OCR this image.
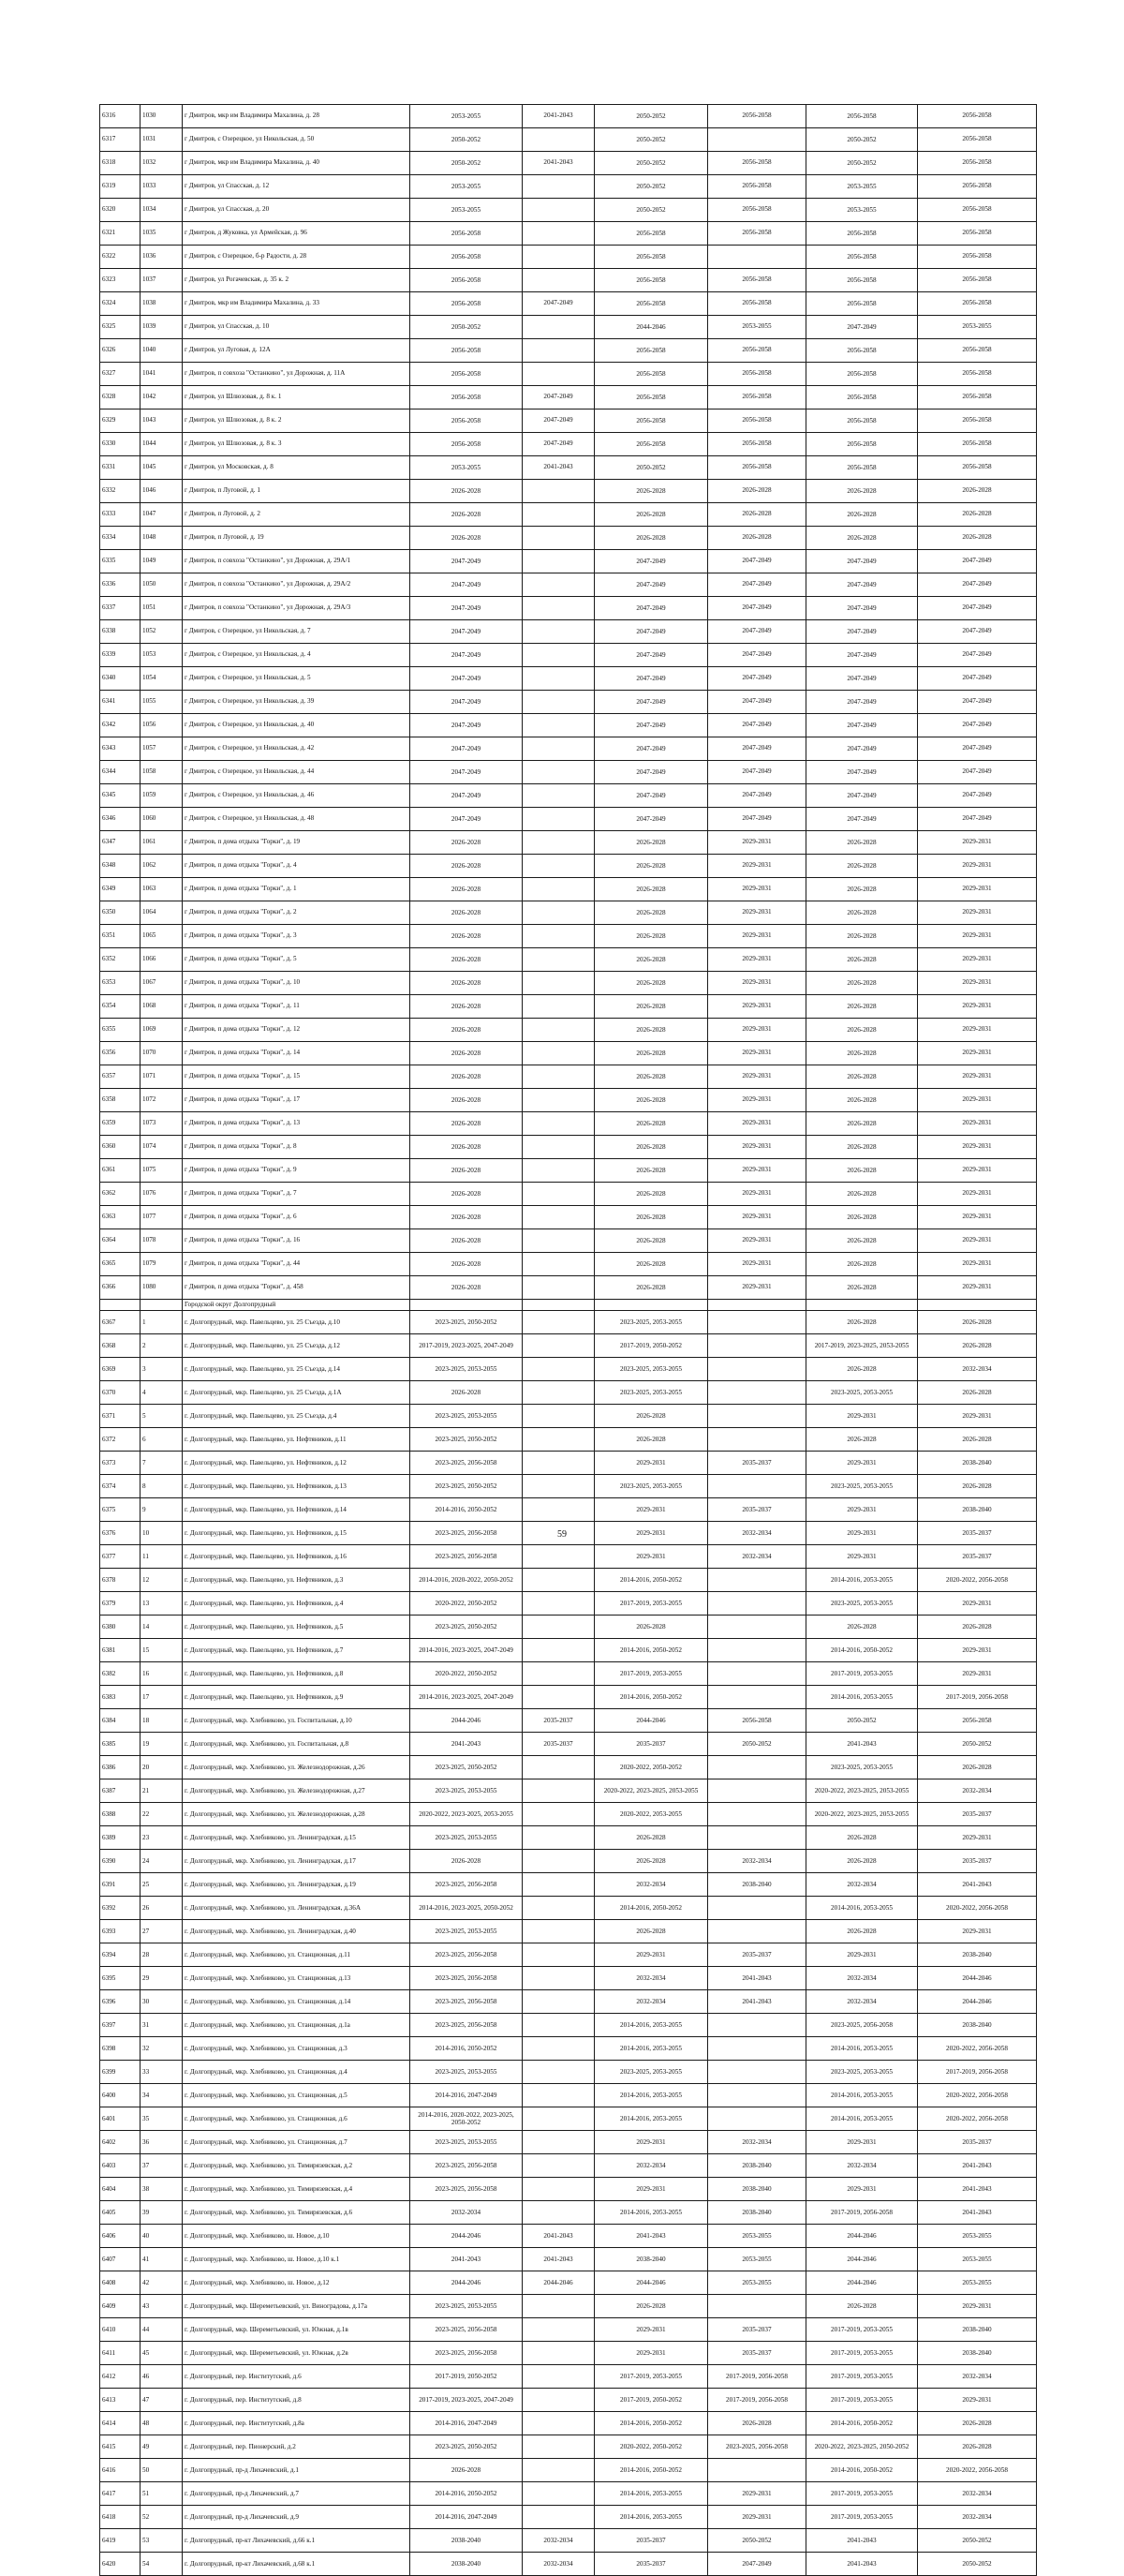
6316	1030	г Дмитров, мкр им Владимира Махалина, д. 28	2053-2055	2041-2043	2050-2052	2056-2058	2056-2058	2056-2058
6317	1031	г Дмитров, с Озерецкое, ул Никольская, д. 50	2050-2052		2050-2052		2050-2052	2056-2058
6318	1032	г Дмитров, мкр им Владимира Махалина, д. 40	2050-2052	2041-2043	2050-2052	2056-2058	2050-2052	2056-2058
6319	1033	г Дмитров, ул Спасская, д. 12	2053-2055		2050-2052	2056-2058	2053-2055	2056-2058
6320	1034	г Дмитров, ул Спасская, д. 20	2053-2055		2050-2052	2056-2058	2053-2055	2056-2058
6321	1035	г Дмитров, д Жуковка, ул Армейская, д. 96	2056-2058		2056-2058	2056-2058	2056-2058	2056-2058
6322	1036	г Дмитров, с Озерецкое, б-р Радости, д. 28	2056-2058		2056-2058		2056-2058	2056-2058
6323	1037	г Дмитров, ул Рогачевская, д. 35 к. 2	2056-2058		2056-2058	2056-2058	2056-2058	2056-2058
6324	1038	г Дмитров, мкр им Владимира Махалина, д. 33	2056-2058	2047-2049	2056-2058	2056-2058	2056-2058	2056-2058
6325	1039	г Дмитров, ул Спасская, д. 10	2050-2052		2044-2046	2053-2055	2047-2049	2053-2055
6326	1040	г Дмитров, ул Луговая, д. 12А	2056-2058		2056-2058	2056-2058	2056-2058	2056-2058
6327	1041	г Дмитров, п совхоза "Останкино", ул Дорожная, д. 11А	2056-2058		2056-2058	2056-2058	2056-2058	2056-2058
6328	1042	г Дмитров, ул Шлюзовая, д. 8 к. 1	2056-2058	2047-2049	2056-2058	2056-2058	2056-2058	2056-2058
6329	1043	г Дмитров, ул Шлюзовая, д. 8 к. 2	2056-2058	2047-2049	2056-2058	2056-2058	2056-2058	2056-2058
6330	1044	г Дмитров, ул Шлюзовая, д. 8 к. 3	2056-2058	2047-2049	2056-2058	2056-2058	2056-2058	2056-2058
6331	1045	г Дмитров, ул Московская, д. 8	2053-2055	2041-2043	2050-2052	2056-2058	2056-2058	2056-2058
6332	1046	г Дмитров, п Луговой, д. 1	2026-2028		2026-2028	2026-2028	2026-2028	2026-2028
6333	1047	г Дмитров, п Луговой, д. 2	2026-2028		2026-2028	2026-2028	2026-2028	2026-2028
6334	1048	г Дмитров, п Луговой, д. 19	2026-2028		2026-2028	2026-2028	2026-2028	2026-2028
6335	1049	г Дмитров, п совхоза "Останкино", ул Дорожная, д. 29А/1	2047-2049		2047-2049	2047-2049	2047-2049	2047-2049
6336	1050	г Дмитров, п совхоза "Останкино", ул Дорожная, д. 29А/2	2047-2049		2047-2049	2047-2049	2047-2049	2047-2049
6337	1051	г Дмитров, п совхоза "Останкино", ул Дорожная, д. 29А/3	2047-2049		2047-2049	2047-2049	2047-2049	2047-2049
6338	1052	г Дмитров, с Озерецкое, ул Никольская, д. 7	2047-2049		2047-2049	2047-2049	2047-2049	2047-2049
6339	1053	г Дмитров, с Озерецкое, ул Никольская, д. 4	2047-2049		2047-2049	2047-2049	2047-2049	2047-2049
6340	1054	г Дмитров, с Озерецкое, ул Никольская, д. 5	2047-2049		2047-2049	2047-2049	2047-2049	2047-2049
6341	1055	г Дмитров, с Озерецкое, ул Никольская, д. 39	2047-2049		2047-2049	2047-2049	2047-2049	2047-2049
6342	1056	г Дмитров, с Озерецкое, ул Никольская, д. 40	2047-2049		2047-2049	2047-2049	2047-2049	2047-2049
6343	1057	г Дмитров, с Озерецкое, ул Никольская, д. 42	2047-2049		2047-2049	2047-2049	2047-2049	2047-2049
6344	1058	г Дмитров, с Озерецкое, ул Никольская, д. 44	2047-2049		2047-2049	2047-2049	2047-2049	2047-2049
6345	1059	г Дмитров, с Озерецкое, ул Никольская, д. 46	2047-2049		2047-2049	2047-2049	2047-2049	2047-2049
6346	1060	г Дмитров, с Озерецкое, ул Никольская, д. 48	2047-2049		2047-2049	2047-2049	2047-2049	2047-2049
6347	1061	г Дмитров, п дома отдыха "Горки", д. 19	2026-2028		2026-2028	2029-2031	2026-2028	2029-2031
6348	1062	г Дмитров, п дома отдыха "Горки", д. 4	2026-2028		2026-2028	2029-2031	2026-2028	2029-2031
6349	1063	г Дмитров, п дома отдыха "Горки", д. 1	2026-2028		2026-2028	2029-2031	2026-2028	2029-2031
6350	1064	г Дмитров, п дома отдыха "Горки", д. 2	2026-2028		2026-2028	2029-2031	2026-2028	2029-2031
6351	1065	г Дмитров, п дома отдыха "Горки", д. 3	2026-2028		2026-2028	2029-2031	2026-2028	2029-2031
6352	1066	г Дмитров, п дома отдыха "Горки", д. 5	2026-2028		2026-2028	2029-2031	2026-2028	2029-2031
6353	1067	г Дмитров, п дома отдыха "Горки", д. 10	2026-2028		2026-2028	2029-2031	2026-2028	2029-2031
6354	1068	г Дмитров, п дома отдыха "Горки", д. 11	2026-2028		2026-2028	2029-2031	2026-2028	2029-2031
6355	1069	г Дмитров, п дома отдыха "Горки", д. 12	2026-2028		2026-2028	2029-2031	2026-2028	2029-2031
6356	1070	г Дмитров, п дома отдыха "Горки", д. 14	2026-2028		2026-2028	2029-2031	2026-2028	2029-2031
6357	1071	г Дмитров, п дома отдыха "Горки", д. 15	2026-2028		2026-2028	2029-2031	2026-2028	2029-2031
6358	1072	г Дмитров, п дома отдыха "Горки", д. 17	2026-2028		2026-2028	2029-2031	2026-2028	2029-2031
6359	1073	г Дмитров, п дома отдыха "Горки", д. 13	2026-2028		2026-2028	2029-2031	2026-2028	2029-2031
6360	1074	г Дмитров, п дома отдыха "Горки", д. 8	2026-2028		2026-2028	2029-2031	2026-2028	2029-2031
6361	1075	г Дмитров, п дома отдыха "Горки", д. 9	2026-2028		2026-2028	2029-2031	2026-2028	2029-2031
6362	1076	г Дмитров, п дома отдыха "Горки", д. 7	2026-2028		2026-2028	2029-2031	2026-2028	2029-2031
6363	1077	г Дмитров, п дома отдыха "Горки", д. 6	2026-2028		2026-2028	2029-2031	2026-2028	2029-2031
6364	1078	г Дмитров, п дома отдыха "Горки", д. 16	2026-2028		2026-2028	2029-2031	2026-2028	2029-2031
6365	1079	г Дмитров, п дома отдыха "Горки", д. 44	2026-2028		2026-2028	2029-2031	2026-2028	2029-2031
6366	1080	г Дмитров, п дома отдыха "Горки", д. 458	2026-2028		2026-2028	2029-2031	2026-2028	2029-2031
		Городской округ Долгопрудный						
6367	1	г. Долгопрудный, мкр. Павельцево, ул. 25 Съезда, д.10	2023-2025, 2050-2052		2023-2025, 2053-2055		2026-2028	2026-2028
6368	2	г. Долгопрудный, мкр. Павельцево, ул. 25 Съезда, д.12	2017-2019, 2023-2025, 2047-2049		2017-2019, 2050-2052		2017-2019, 2023-2025, 2053-2055	2026-2028
6369	3	г. Долгопрудный, мкр. Павельцево, ул. 25 Съезда, д.14	2023-2025, 2053-2055		2023-2025, 2053-2055		2026-2028	2032-2034
6370	4	г. Долгопрудный, мкр. Павельцево, ул. 25 Съезда, д.1А	2026-2028		2023-2025, 2053-2055		2023-2025, 2053-2055	2026-2028
6371	5	г. Долгопрудный, мкр. Павельцево, ул. 25 Съезда, д.4	2023-2025, 2053-2055		2026-2028		2029-2031	2029-2031
6372	6	г. Долгопрудный, мкр. Павельцево, ул. Нефтяников, д.11	2023-2025, 2050-2052		2026-2028		2026-2028	2026-2028
6373	7	г. Долгопрудный, мкр. Павельцево, ул. Нефтяников, д.12	2023-2025, 2056-2058		2029-2031	2035-2037	2029-2031	2038-2040
6374	8	г. Долгопрудный, мкр. Павельцево, ул. Нефтяников, д.13	2023-2025, 2050-2052		2023-2025, 2053-2055		2023-2025, 2053-2055	2026-2028
6375	9	г. Долгопрудный, мкр. Павельцево, ул. Нефтяников, д.14	2014-2016, 2050-2052		2029-2031	2035-2037	2029-2031	2038-2040
6376	10	г. Долгопрудный, мкр. Павельцево, ул. Нефтяников, д.15	2023-2025, 2056-2058		2029-2031	2032-2034	2029-2031	2035-2037
6377	11	г. Долгопрудный, мкр. Павельцево, ул. Нефтяников, д.16	2023-2025, 2056-2058		2029-2031	2032-2034	2029-2031	2035-2037
6378	12	г. Долгопрудный, мкр. Павельцево, ул. Нефтяников, д.3	2014-2016, 2020-2022, 2050-2052		2014-2016, 2050-2052		2014-2016, 2053-2055	2020-2022, 2056-2058
6379	13	г. Долгопрудный, мкр. Павельцево, ул. Нефтяников, д.4	2020-2022, 2050-2052		2017-2019, 2053-2055		2023-2025, 2053-2055	2029-2031
6380	14	г. Долгопрудный, мкр. Павельцево, ул. Нефтяников, д.5	2023-2025, 2050-2052		2026-2028		2026-2028	2026-2028
6381	15	г. Долгопрудный, мкр. Павельцево, ул. Нефтяников, д.7	2014-2016, 2023-2025, 2047-2049		2014-2016, 2050-2052		2014-2016, 2050-2052	2029-2031
6382	16	г. Долгопрудный, мкр. Павельцево, ул. Нефтяников, д.8	2020-2022, 2050-2052		2017-2019, 2053-2055		2017-2019, 2053-2055	2029-2031
6383	17	г. Долгопрудный, мкр. Павельцево, ул. Нефтяников, д.9	2014-2016, 2023-2025, 2047-2049		2014-2016, 2050-2052		2014-2016, 2053-2055	2017-2019, 2056-2058
6384	18	г. Долгопрудный, мкр. Хлебниково, ул. Госпитальная, д.10	2044-2046	2035-2037	2044-2046	2056-2058	2050-2052	2056-2058
6385	19	г. Долгопрудный, мкр. Хлебниково, ул. Госпитальная, д.8	2041-2043	2035-2037	2035-2037	2050-2052	2041-2043	2050-2052
6386	20	г. Долгопрудный, мкр. Хлебниково, ул. Железнодорожная, д.26	2023-2025, 2050-2052		2020-2022, 2050-2052		2023-2025, 2053-2055	2026-2028
6387	21	г. Долгопрудный, мкр. Хлебниково, ул. Железнодорожная, д.27	2023-2025, 2053-2055		2020-2022, 2023-2025, 2053-2055		2020-2022, 2023-2025, 2053-2055	2032-2034
6388	22	г. Долгопрудный, мкр. Хлебниково, ул. Железнодорожная, д.28	2020-2022, 2023-2025, 2053-2055		2020-2022, 2053-2055		2020-2022, 2023-2025, 2053-2055	2035-2037
6389	23	г. Долгопрудный, мкр. Хлебниково, ул. Ленинградская, д.15	2023-2025, 2053-2055		2026-2028		2026-2028	2029-2031
6390	24	г. Долгопрудный, мкр. Хлебниково, ул. Ленинградская, д.17	2026-2028		2026-2028	2032-2034	2026-2028	2035-2037
6391	25	г. Долгопрудный, мкр. Хлебниково, ул. Ленинградская, д.19	2023-2025, 2056-2058		2032-2034	2038-2040	2032-2034	2041-2043
6392	26	г. Долгопрудный, мкр. Хлебниково, ул. Ленинградская, д.36А	2014-2016, 2023-2025, 2050-2052		2014-2016, 2050-2052		2014-2016, 2053-2055	2020-2022, 2056-2058
6393	27	г. Долгопрудный, мкр. Хлебниково, ул. Ленинградская, д.40	2023-2025, 2053-2055		2026-2028		2026-2028	2029-2031
6394	28	г. Долгопрудный, мкр. Хлебниково, ул. Станционная, д.11	2023-2025, 2056-2058		2029-2031	2035-2037	2029-2031	2038-2040
6395	29	г. Долгопрудный, мкр. Хлебниково, ул. Станционная, д.13	2023-2025, 2056-2058		2032-2034	2041-2043	2032-2034	2044-2046
6396	30	г. Долгопрудный, мкр. Хлебниково, ул. Станционная, д.14	2023-2025, 2056-2058		2032-2034	2041-2043	2032-2034	2044-2046
6397	31	г. Долгопрудный, мкр. Хлебниково, ул. Станционная, д.1а	2023-2025, 2056-2058		2014-2016, 2053-2055		2023-2025, 2056-2058	2038-2040
6398	32	г. Долгопрудный, мкр. Хлебниково, ул. Станционная, д.3	2014-2016, 2050-2052		2014-2016, 2053-2055		2014-2016, 2053-2055	2020-2022, 2056-2058
6399	33	г. Долгопрудный, мкр. Хлебниково, ул. Станционная, д.4	2023-2025, 2053-2055		2023-2025, 2053-2055		2023-2025, 2053-2055	2017-2019, 2056-2058
6400	34	г. Долгопрудный, мкр. Хлебниково, ул. Станционная, д.5	2014-2016, 2047-2049		2014-2016, 2053-2055		2014-2016, 2053-2055	2020-2022, 2056-2058
6401	35	г. Долгопрудный, мкр. Хлебниково, ул. Станционная, д.6	2014-2016, 2020-2022, 2023-2025, 2050-2052		2014-2016, 2053-2055		2014-2016, 2053-2055	2020-2022, 2056-2058
6402	36	г. Долгопрудный, мкр. Хлебниково, ул. Станционная, д.7	2023-2025, 2053-2055		2029-2031	2032-2034	2029-2031	2035-2037
6403	37	г. Долгопрудный, мкр. Хлебниково, ул. Тимирязевская, д.2	2023-2025, 2056-2058		2032-2034	2038-2040	2032-2034	2041-2043
6404	38	г. Долгопрудный, мкр. Хлебниково, ул. Тимирязевская, д.4	2023-2025, 2056-2058		2029-2031	2038-2040	2029-2031	2041-2043
6405	39	г. Долгопрудный, мкр. Хлебниково, ул. Тимирязевская, д.6	2032-2034		2014-2016, 2053-2055	2038-2040	2017-2019, 2056-2058	2041-2043
6406	40	г. Долгопрудный, мкр. Хлебниково, ш. Новое, д.10	2044-2046	2041-2043	2041-2043	2053-2055	2044-2046	2053-2055
6407	41	г. Долгопрудный, мкр. Хлебниково, ш. Новое, д.10 к.1	2041-2043	2041-2043	2038-2040	2053-2055	2044-2046	2053-2055
6408	42	г. Долгопрудный, мкр. Хлебниково, ш. Новое, д.12	2044-2046	2044-2046	2044-2046	2053-2055	2044-2046	2053-2055
6409	43	г. Долгопрудный, мкр. Шереметьевский, ул. Виноградова, д.17а	2023-2025, 2053-2055		2026-2028		2026-2028	2029-2031
6410	44	г. Долгопрудный, мкр. Шереметьевский, ул. Южная, д.1в	2023-2025, 2056-2058		2029-2031	2035-2037	2017-2019, 2053-2055	2038-2040
6411	45	г. Долгопрудный, мкр. Шереметьевский, ул. Южная, д.2в	2023-2025, 2056-2058		2029-2031	2035-2037	2017-2019, 2053-2055	2038-2040
6412	46	г. Долгопрудный, пер. Институтский, д.6	2017-2019, 2050-2052		2017-2019, 2053-2055	2017-2019, 2056-2058	2017-2019, 2053-2055	2032-2034
6413	47	г. Долгопрудный, пер. Институтский, д.8	2017-2019, 2023-2025, 2047-2049		2017-2019, 2050-2052	2017-2019, 2056-2058	2017-2019, 2053-2055	2029-2031
6414	48	г. Долгопрудный, пер. Институтский, д.8а	2014-2016, 2047-2049		2014-2016, 2050-2052	2026-2028	2014-2016, 2050-2052	2026-2028
6415	49	г. Долгопрудный, пер. Пионерский, д.2	2023-2025, 2050-2052		2020-2022, 2050-2052	2023-2025, 2056-2058	2020-2022, 2023-2025, 2050-2052	2026-2028
6416	50	г. Долгопрудный, пр-д Лихачевский, д.1	2026-2028		2014-2016, 2050-2052		2014-2016, 2050-2052	2020-2022, 2056-2058
6417	51	г. Долгопрудный, пр-д Лихачевский, д.7	2014-2016, 2050-2052		2014-2016, 2053-2055	2029-2031	2017-2019, 2053-2055	2032-2034
6418	52	г. Долгопрудный, пр-д Лихачевский, д.9	2014-2016, 2047-2049		2014-2016, 2053-2055	2029-2031	2017-2019, 2053-2055	2032-2034
6419	53	г. Долгопрудный, пр-кт Лихачевский, д.66 к.1	2038-2040	2032-2034	2035-2037	2050-2052	2041-2043	2050-2052
6420	54	г. Долгопрудный, пр-кт Лихачевский, д.68 к.1	2038-2040	2032-2034	2035-2037	2047-2049	2041-2043	2050-2052
59
